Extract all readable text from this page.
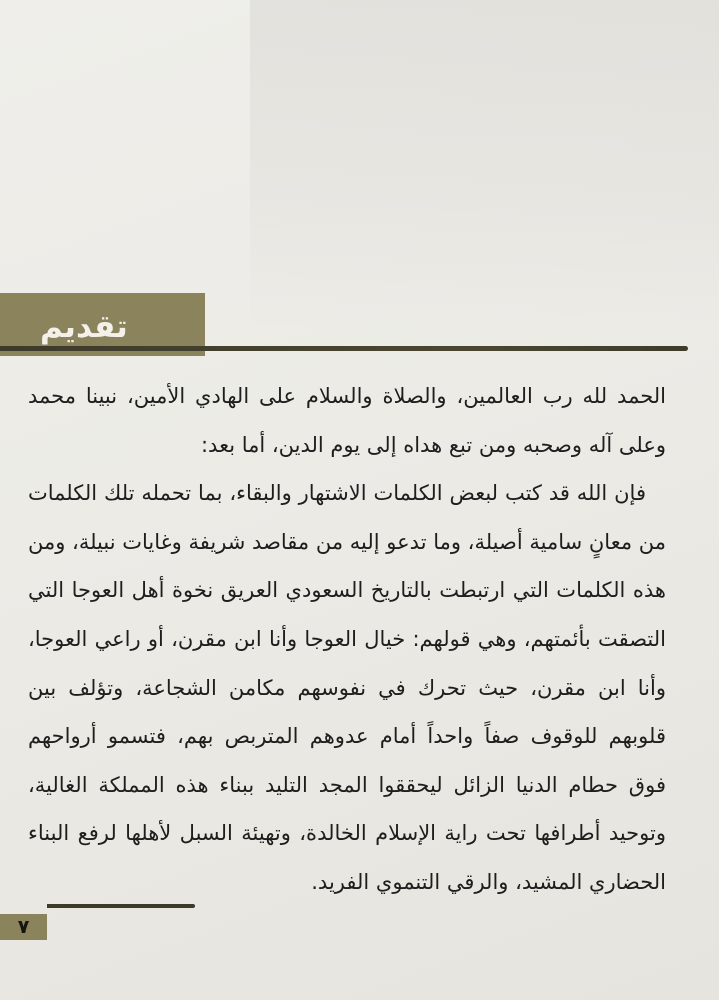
تقديم

الحمد لله رب العالمين، والصلاة والسلام على الهادي الأمين، نبينا محمد وعلى آله وصحبه ومن تبع هداه إلى يوم الدين، أما بعد:

فإن الله قد كتب لبعض الكلمات الاشتهار والبقاء، بما تحمله تلك الكلمات من معانٍ سامية أصيلة، وما تدعو إليه من مقاصد شريفة وغايات نبيلة، ومن هذه الكلمات التي ارتبطت بالتاريخ السعودي العريق نخوة أهل العوجا التي التصقت بأئمتهم، وهي قولهم: خيال العوجا وأنا ابن مقرن، أو راعي العوجا، وأنا ابن مقرن، حيث تحرك في نفوسهم مكامن الشجاعة، وتؤلف بين قلوبهم للوقوف صفاً واحداً أمام عدوهم المتربص بهم، فتسمو أرواحهم فوق حطام الدنيا الزائل ليحققوا المجد التليد ببناء هذه المملكة الغالية، وتوحيد أطرافها تحت راية الإسلام الخالدة، وتهيئة السبل لأهلها لرفع البناء الحضاري المشيد، والرقي التنموي الفريد.

٧
